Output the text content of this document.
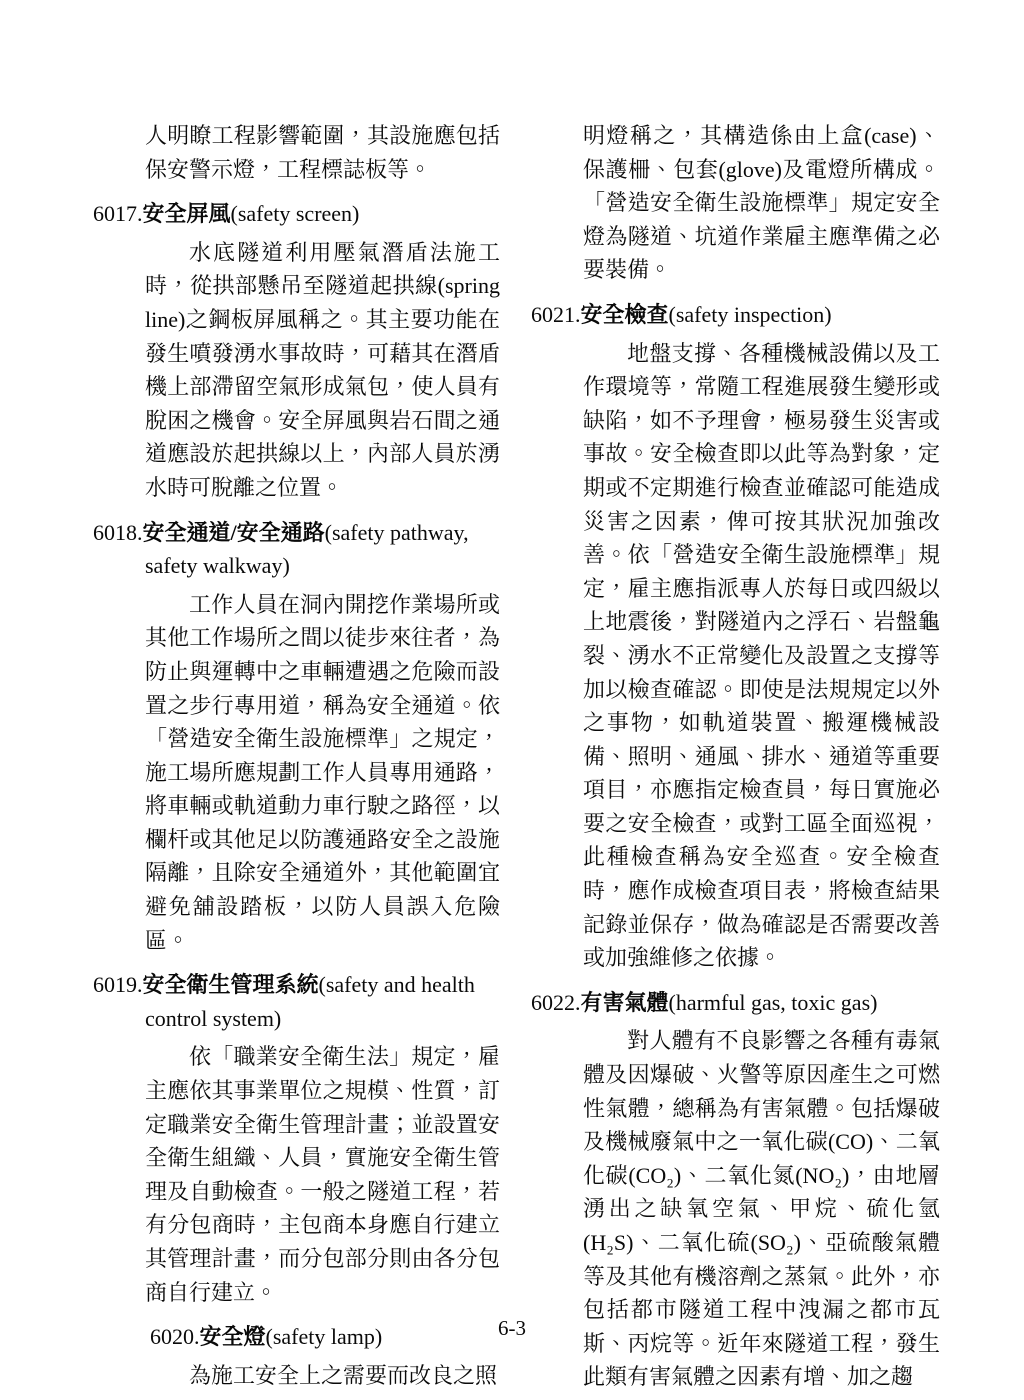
人明瞭工程影響範圍，其設施應包括保安警示燈，工程標誌板等。

6017.安全屏風(safety screen)

水底隧道利用壓氣潛盾法施工時，從拱部懸吊至隧道起拱線(spring line)之鋼板屏風稱之。其主要功能在發生噴發湧水事故時，可藉其在潛盾機上部滯留空氣形成氣包，使人員有脫困之機會。安全屏風與岩石間之通道應設於起拱線以上，內部人員於湧水時可脫離之位置。

6018.安全通道/安全通路(safety pathway, safety walkway)

工作人員在洞內開挖作業場所或其他工作場所之間以徒步來往者，為防止與運轉中之車輛遭遇之危險而設置之步行專用道，稱為安全通道。依「營造安全衛生設施標準」之規定，施工場所應規劃工作人員專用通路，將車輛或軌道動力車行駛之路徑，以欄杆或其他足以防護通路安全之設施隔離，且除安全通道外，其他範圍宜避免舖設踏板，以防人員誤入危險區。

6019.安全衛生管理系統(safety and health control system)

依「職業安全衛生法」規定，雇主應依其事業單位之規模、性質，訂定職業安全衛生管理計畫；並設置安全衛生組織、人員，實施安全衛生管理及自動檢查。一般之隧道工程，若有分包商時，主包商本身應自行建立其管理計畫，而分包部分則由各分包商自行建立。

6020.安全燈(safety lamp)

為施工安全上之需要而改良之照

明燈稱之，其構造係由上盒(case)、保護柵、包套(glove)及電燈所構成。「營造安全衛生設施標準」規定安全燈為隧道、坑道作業雇主應準備之必要裝備。

6021.安全檢查(safety inspection)

地盤支撐、各種機械設備以及工作環境等，常隨工程進展發生變形或缺陷，如不予理會，極易發生災害或事故。安全檢查即以此等為對象，定期或不定期進行檢查並確認可能造成災害之因素，俾可按其狀況加強改善。依「營造安全衛生設施標準」規定，雇主應指派專人於每日或四級以上地震後，對隧道內之浮石、岩盤龜裂、湧水不正常變化及設置之支撐等加以檢查確認。即使是法規規定以外之事物，如軌道裝置、搬運機械設備、照明、通風、排水、通道等重要項目，亦應指定檢查員，每日實施必要之安全檢查，或對工區全面巡視，此種檢查稱為安全巡查。安全檢查時，應作成檢查項目表，將檢查結果記錄並保存，做為確認是否需要改善或加強維修之依據。

6022.有害氣體(harmful gas, toxic gas)

對人體有不良影響之各種有毒氣體及因爆破、火警等原因產生之可燃性氣體，總稱為有害氣體。包括爆破及機械廢氣中之一氧化碳(CO)、二氧化碳(CO₂)、二氧化氮(NO₂)，由地層湧出之缺氧空氣、甲烷、硫化氫(H₂S)、二氧化硫(SO₂)、亞硫酸氣體等及其他有機溶劑之蒸氣。此外，亦包括都市隧道工程中洩漏之都市瓦斯、丙烷等。近年來隧道工程，發生此類有害氣體之因素有增、加之趨

6-3
